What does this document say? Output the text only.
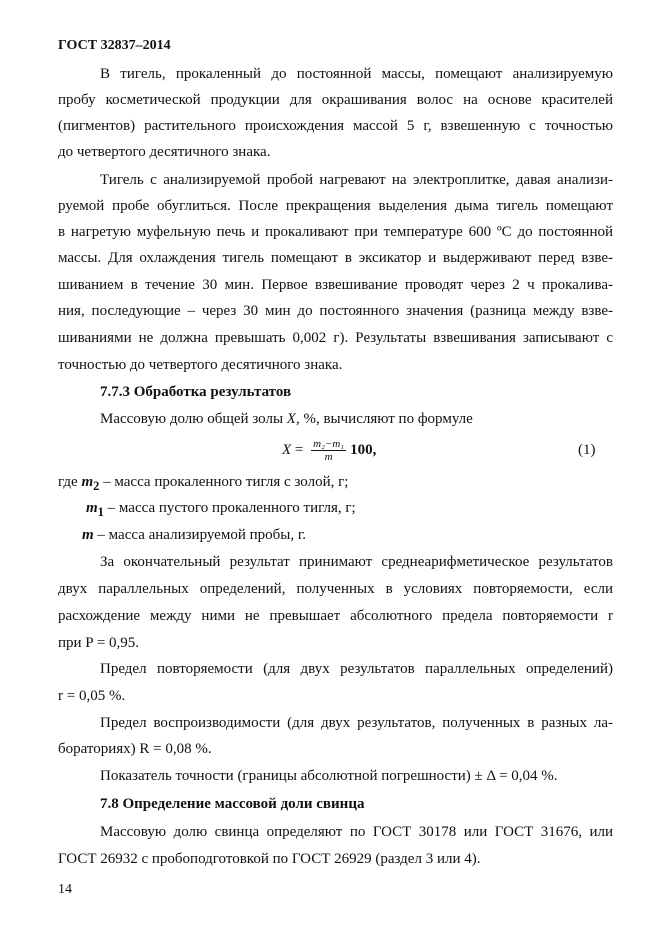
ГОСТ 32837–2014
В тигель, прокаленный до постоянной массы, помещают анализируемую
пробу косметической продукции для окрашивания волос на основе красителей
(пигментов) растительного происхождения массой 5 г, взвешенную с точностью
до четвертого десятичного знака.
Тигель с анализируемой пробой нагревают на электроплитке, давая анализи-
руемой пробе обуглиться. После прекращения выделения дыма тигель помещают
в нагретую муфельную печь и прокаливают при температуре 600 ºС до постоянной
массы. Для охлаждения тигель помещают в эксикатор и выдерживают перед взве-
шиванием в течение 30 мин. Первое взвешивание проводят через 2 ч прокалива-
ния, последующие – через 30 мин до постоянного значения (разница между взве-
шиваниями не должна превышать 0,002 г). Результаты взвешивания записывают с
точностью до четвертого десятичного знака.
7.7.3 Обработка результатов
Массовую долю общей золы X, %, вычисляют по формуле
$X = \frac{\text{m₂−m₁}}{m} 100$,	(1)
где $m_2$ – масса прокаленного тигля с золой, г;
$m_1$ – масса пустого прокаленного тигля, г;
m – масса анализируемой пробы, г.
За окончательный результат принимают среднеарифметическое результатов
двух параллельных определений, полученных в условиях повторяемости, если
расхождение между ними не превышает абсолютного предела повторяемости r
при P = 0,95.
Предел повторяемости (для двух результатов параллельных определений)
r = 0,05 %.
Предел воспроизводимости (для двух результатов, полученных в разных ла-
бораториях) R = 0,08 %.
Показатель точности (границы абсолютной погрешности) ± Δ = 0,04 %.
7.8 Определение массовой доли свинца
Массовую долю свинца определяют по ГОСТ 30178 или ГОСТ 31676, или
ГОСТ 26932 с пробоподготовкой по ГОСТ 26929 (раздел 3 или 4).
14
